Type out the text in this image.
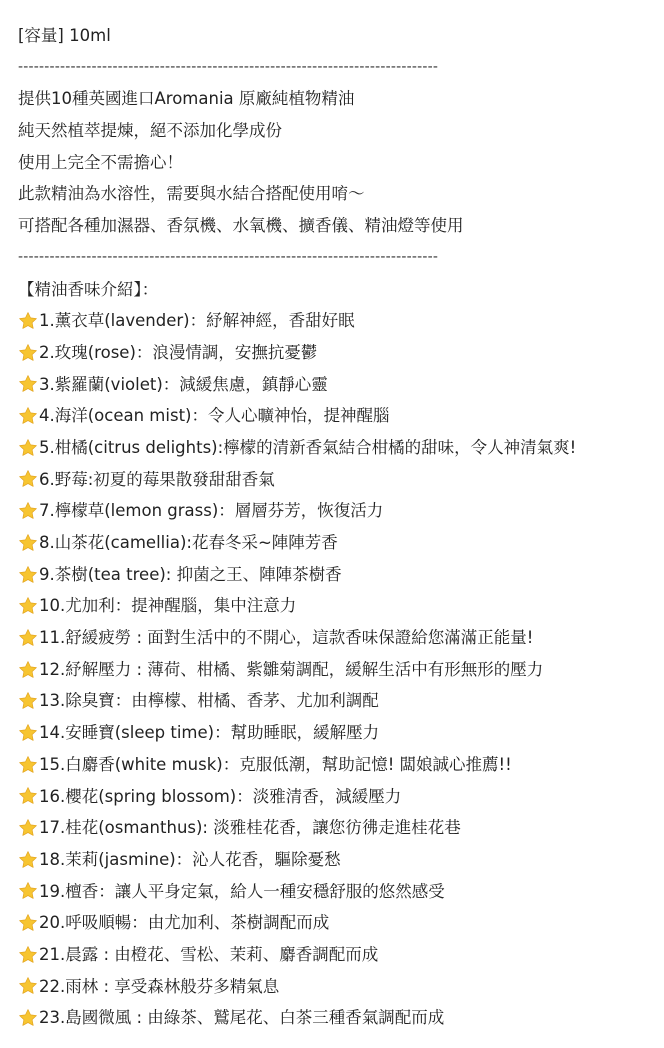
[容量] 10ml
--------------------------------------------------------------------------------
提供10種英國進口Aromania 原廠純植物精油
純天然植萃提煉，絕不添加化學成份
使用上完全不需擔心！
此款精油為水溶性，需要與水結合搭配使用唷～
可搭配各種加濕器、香氛機、水氧機、擴香儀、精油燈等使用
--------------------------------------------------------------------------------
【精油香味介紹】：
1.薰衣草(lavender)：紓解神經，香甜好眠
2.玫瑰(rose)：浪漫情調，安撫抗憂鬱
3.紫羅蘭(violet)：減緩焦慮，鎮靜心靈
4.海洋(ocean mist)：令人心曠神怡，提神醒腦
5.柑橘(citrus delights):檸檬的清新香氣結合柑橘的甜味，令人神清氣爽!
6.野莓:初夏的莓果散發甜甜香氣
7.檸檬草(lemon grass)：層層芬芳，恢復活力
8.山茶花(camellia):花春冬采~陣陣芳香
9.茶樹(tea tree): 抑菌之王、陣陣茶樹香
10.尤加利：提神醒腦，集中注意力
11.舒緩疲勞 : 面對生活中的不開心，這款香味保證給您滿滿正能量!
12.紓解壓力 : 薄荷、柑橘、紫雛菊調配，緩解生活中有形無形的壓力
13.除臭寶：由檸檬、柑橘、香茅、尤加利調配
14.安睡寶(sleep time)：幫助睡眠，緩解壓力
15.白麝香(white musk)：克服低潮，幫助記憶! 闆娘誠心推薦!!
16.櫻花(spring blossom)：淡雅清香，減緩壓力
17.桂花(osmanthus): 淡雅桂花香，讓您彷彿走進桂花巷
18.茉莉(jasmine)：沁人花香，驅除憂愁
19.檀香：讓人平身定氣，給人一種安穩舒服的悠然感受
20.呼吸順暢：由尤加利、茶樹調配而成
21.晨露 : 由橙花、雪松、茉莉、麝香調配而成
22.雨林 : 享受森林般芬多精氣息
23.島國微風 : 由綠茶、鷲尾花、白茶三種香氣調配而成
